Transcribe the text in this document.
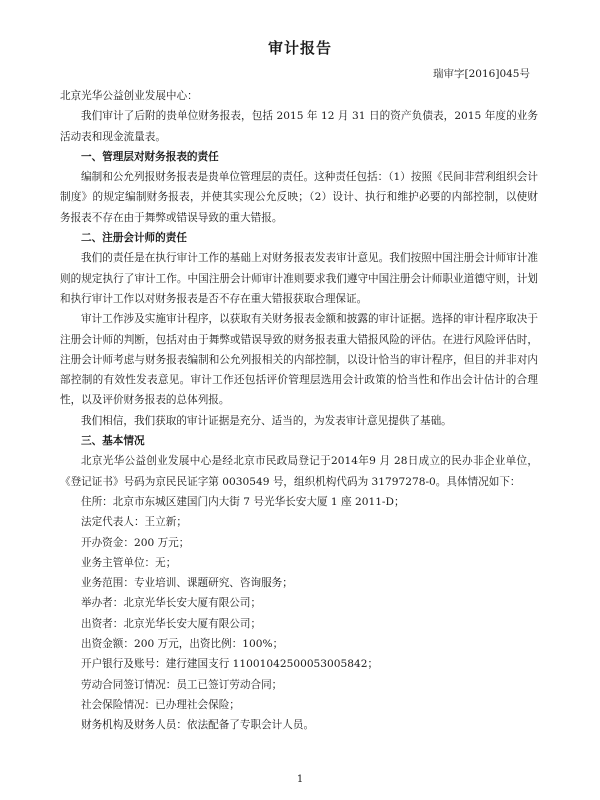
审计报告
瑞审字[2016]045号

北京光华公益创业发展中心：

我们审计了后附的贵单位财务报表，包括 2015 年 12 月 31 日的资产负债表，2015 年度的业务活动表和现金流量表。

一、管理层对财务报表的责任

编制和公允列报财务报表是贵单位管理层的责任。这种责任包括：（1）按照《民间非营利组织会计制度》的规定编制财务报表，并使其实现公允反映；（2）设计、执行和维护必要的内部控制，以使财务报表不存在由于舞弊或错误导致的重大错报。

二、注册会计师的责任

我们的责任是在执行审计工作的基础上对财务报表发表审计意见。我们按照中国注册会计师审计准则的规定执行了审计工作。中国注册会计师审计准则要求我们遵守中国注册会计师职业道德守则，计划和执行审计工作以对财务报表是否不存在重大错报获取合理保证。

审计工作涉及实施审计程序，以获取有关财务报表金额和披露的审计证据。选择的审计程序取决于注册会计师的判断，包括对由于舞弊或错误导致的财务报表重大错报风险的评估。在进行风险评估时，注册会计师考虑与财务报表编制和公允列报相关的内部控制，以设计恰当的审计程序，但目的并非对内部控制的有效性发表意见。审计工作还包括评价管理层选用会计政策的恰当性和作出会计估计的合理性，以及评价财务报表的总体列报。

我们相信，我们获取的审计证据是充分、适当的，为发表审计意见提供了基础。

三、基本情况

北京光华公益创业发展中心是经北京市民政局登记于2014年9 月 28日成立的民办非企业单位，《登记证书》号码为京民民证字第 0030549 号，组织机构代码为 31797278-0。具体情况如下：

住所：北京市东城区建国门内大街 7 号光华长安大厦 1 座 2011-D；

法定代表人：王立新；

开办资金：200 万元；

业务主管单位：无；

业务范围：专业培训、课题研究、咨询服务；

举办者：北京光华长安大厦有限公司；

出资者：北京光华长安大厦有限公司；

出资金额：200 万元，出资比例：100%；

开户银行及账号：建行建国支行 11001042500053005842；

劳动合同签订情况：员工已签订劳动合同；

社会保险情况：已办理社会保险；

财务机构及财务人员：依法配备了专职会计人员。

1
